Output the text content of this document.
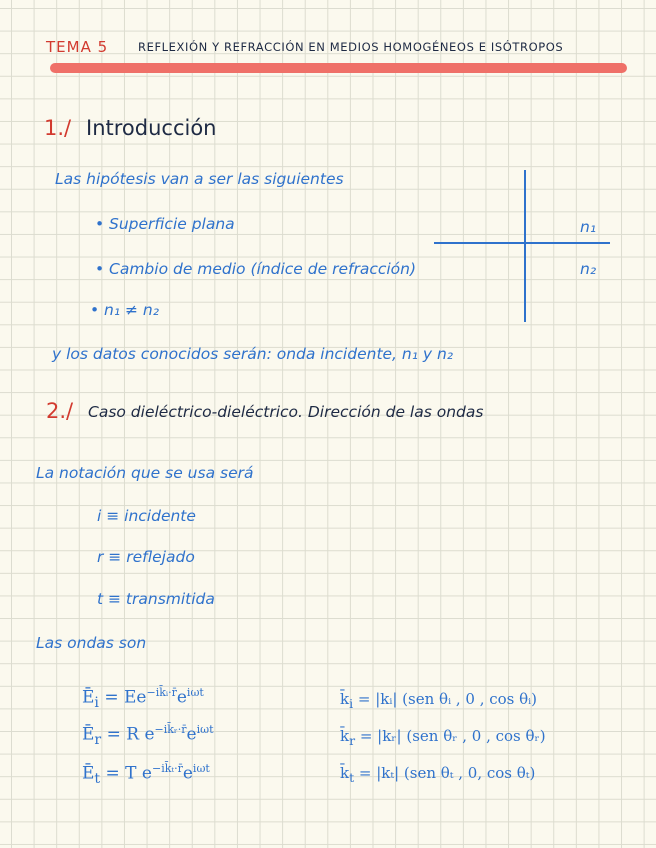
TEMA 5	REFLEXIÓN Y REFRACCIÓN EN MEDIOS HOMOGÉNEOS E ISÓTROPOS
1./ Introducción
Las hipótesis van a ser las siguientes
• Superficie plana
• Cambio de medio (índice de refracción)
• n₁ ≠ n₂
n₁
n₂
y los datos conocidos serán: onda incidente, n₁ y n₂
2./ Caso dieléctrico-dieléctrico. Dirección de las ondas
La notación que se usa será
i ≡ incidente
r ≡ reflejado
t ≡ transmitida
Las ondas son
$Ē_i = Ee^{-ik̄ᵢ\cdot r̄}e^{i\omega t}$
$Ē_r = R$ $e^{-ik̄ᵣ\cdot r̄}e^{i\omega t}$
$Ē_t = T$ $e^{-ik̄_t\cdot r̄}e^{i\omega t}$
$k̄_i$ = |kᵢ| (sen θᵢ , 0 , cos θᵢ)
$k̄_r$ = |kᵣ| (sen θᵣ , 0 , cos θᵣ)
$k̄_t = |k_t|$ (sen θₜ , 0, cos θₜ)
